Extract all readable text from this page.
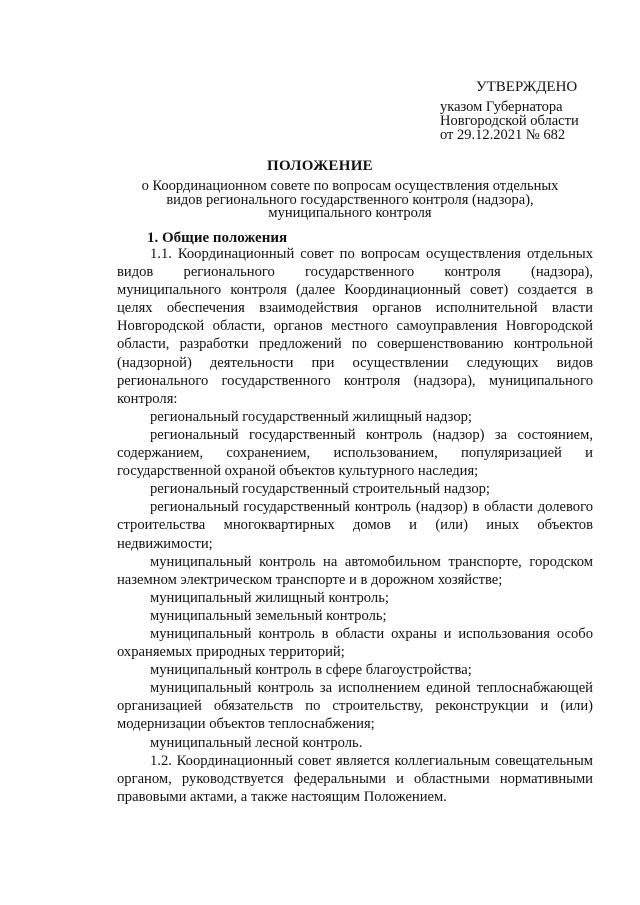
УТВЕРЖДЕНО
указом Губернатора
Новгородской области
от 29.12.2021 № 682
ПОЛОЖЕНИЕ
о Координационном совете по вопросам осуществления отдельных видов регионального государственного контроля (надзора), муниципального контроля
1. Общие положения

1.1. Координационный совет по вопросам осуществления отдельных видов регионального государственного контроля (надзора), муниципального контроля (далее Координационный совет) создается в целях обеспечения взаимодействия органов исполнительной власти Новгородской области, органов местного самоуправления Новгородской области, разработки предложений по совершенствованию контрольной (надзорной) деятельности при осуществлении следующих видов регионального государственного контроля (надзора), муниципального контроля:

региональный государственный жилищный надзор;

региональный государственный контроль (надзор) за состоянием, содержанием, сохранением, использованием, популяризацией и государственной охраной объектов культурного наследия;

региональный государственный строительный надзор;

региональный государственный контроль (надзор) в области долевого строительства многоквартирных домов и (или) иных объектов недвижимости;

муниципальный контроль на автомобильном транспорте, городском наземном электрическом транспорте и в дорожном хозяйстве;

муниципальный жилищный контроль;

муниципальный земельный контроль;

муниципальный контроль в области охраны и использования особо охраняемых природных территорий;

муниципальный контроль в сфере благоустройства;

муниципальный контроль за исполнением единой теплоснабжающей организацией обязательств по строительству, реконструкции и (или) модернизации объектов теплоснабжения;

муниципальный лесной контроль.

1.2. Координационный совет является коллегиальным совещательным органом, руководствуется федеральными и областными нормативными правовыми актами, а также настоящим Положением.
